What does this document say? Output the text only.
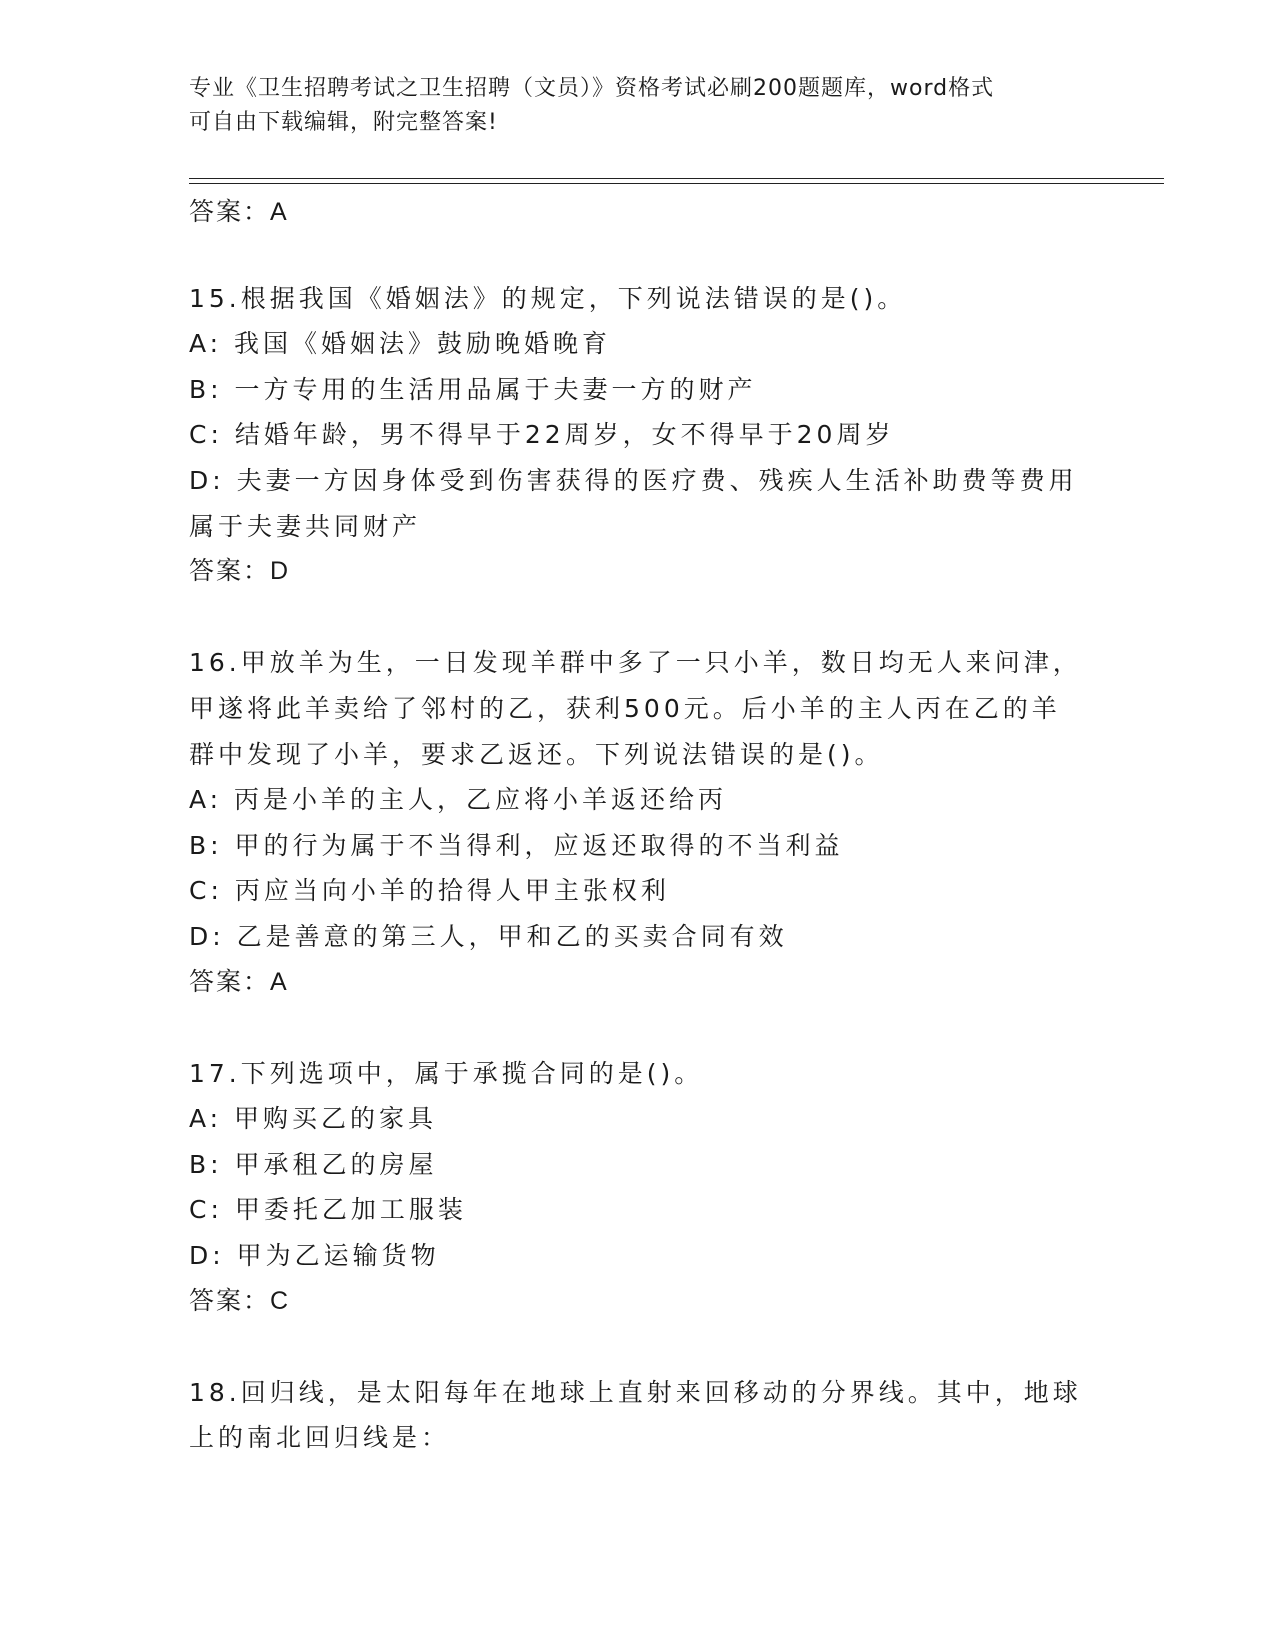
专业《卫生招聘考试之卫生招聘（文员）》资格考试必刷200题题库，word格式
可自由下载编辑，附完整答案!
答案：A
15.根据我国《婚姻法》的规定，下列说法错误的是()。
A: 我国《婚姻法》鼓励晚婚晚育
B: 一方专用的生活用品属于夫妻一方的财产
C: 结婚年龄，男不得早于22周岁，女不得早于20周岁
D: 夫妻一方因身体受到伤害获得的医疗费、残疾人生活补助费等费用
属于夫妻共同财产
答案：D
16.甲放羊为生，一日发现羊群中多了一只小羊，数日均无人来问津，
甲遂将此羊卖给了邻村的乙，获利500元。后小羊的主人丙在乙的羊
群中发现了小羊，要求乙返还。下列说法错误的是()。
A: 丙是小羊的主人，乙应将小羊返还给丙
B: 甲的行为属于不当得利，应返还取得的不当利益
C: 丙应当向小羊的拾得人甲主张权利
D: 乙是善意的第三人，甲和乙的买卖合同有效
答案：A
17.下列选项中，属于承揽合同的是()。
A: 甲购买乙的家具
B: 甲承租乙的房屋
C: 甲委托乙加工服装
D: 甲为乙运输货物
答案：C
18.回归线，是太阳每年在地球上直射来回移动的分界线。其中，地球
上的南北回归线是：
